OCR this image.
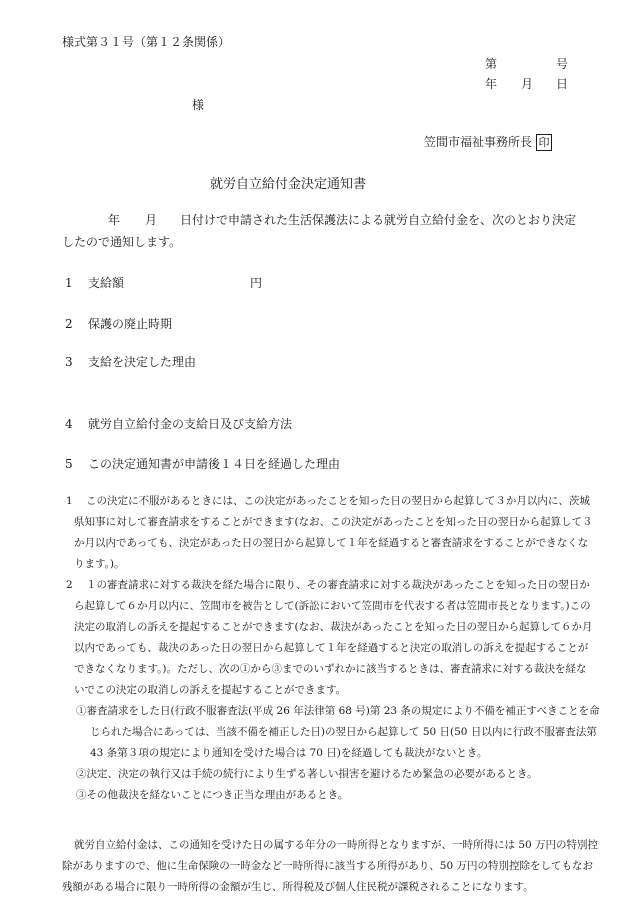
様式第３１号（第１２条関係）
第	号
年 月 日
様
笠間市福祉事務所長 印
就労自立給付金決定通知書
年 月 日付けで申請された生活保護法による就労自立給付金を、次のとおり決定
したので通知します。
1 支給額	円
2 保護の廃止時期
3 支給を決定した理由
4 就労自立給付金の支給日及び支給方法
5 この決定通知書が申請後１４日を経過した理由
1 この決定に不服があるときには、この決定があったことを知った日の翌日から起算して３か月以内に、茨城
県知事に対して審査請求をすることができます(なお、この決定があったことを知った日の翌日から起算して３
か月以内であっても、決定があった日の翌日から起算して１年を経過すると審査請求をすることができなくな
ります。)。
2 １の審査請求に対する裁決を経た場合に限り、その審査請求に対する裁決があったことを知った日の翌日か
ら起算して６か月以内に、笠間市を被告として(訴訟において笠間市を代表する者は笠間市長となります。)この
決定の取消しの訴えを提起することができます(なお、裁決があったことを知った日の翌日から起算して６か月
以内であっても、裁決のあった日の翌日から起算して１年を経過すると決定の取消しの訴えを提起することが
できなくなります。)。ただし、次の①から③までのいずれかに該当するときは、審査請求に対する裁決を経な
いでこの決定の取消しの訴えを提起することができます。
①審査請求をした日(行政不服審査法(平成 26 年法律第 68 号)第 23 条の規定により不備を補正すべきことを命
じられた場合にあっては、当該不備を補正した日)の翌日から起算して 50 日(50 日以内に行政不服審査法第
43 条第３項の規定により通知を受けた場合は 70 日)を経過しても裁決がないとき。
②決定、決定の執行又は手続の続行により生ずる著しい損害を避けるため緊急の必要があるとき。
③その他裁決を経ないことにつき正当な理由があるとき。
就労自立給付金は、この通知を受けた日の属する年分の一時所得となりますが、一時所得には 50 万円の特別控
除がありますので、他に生命保険の一時金など一時所得に該当する所得があり、50 万円の特別控除をしてもなお
残額がある場合に限り一時所得の金額が生じ、所得税及び個人住民税が課税されることになります。
